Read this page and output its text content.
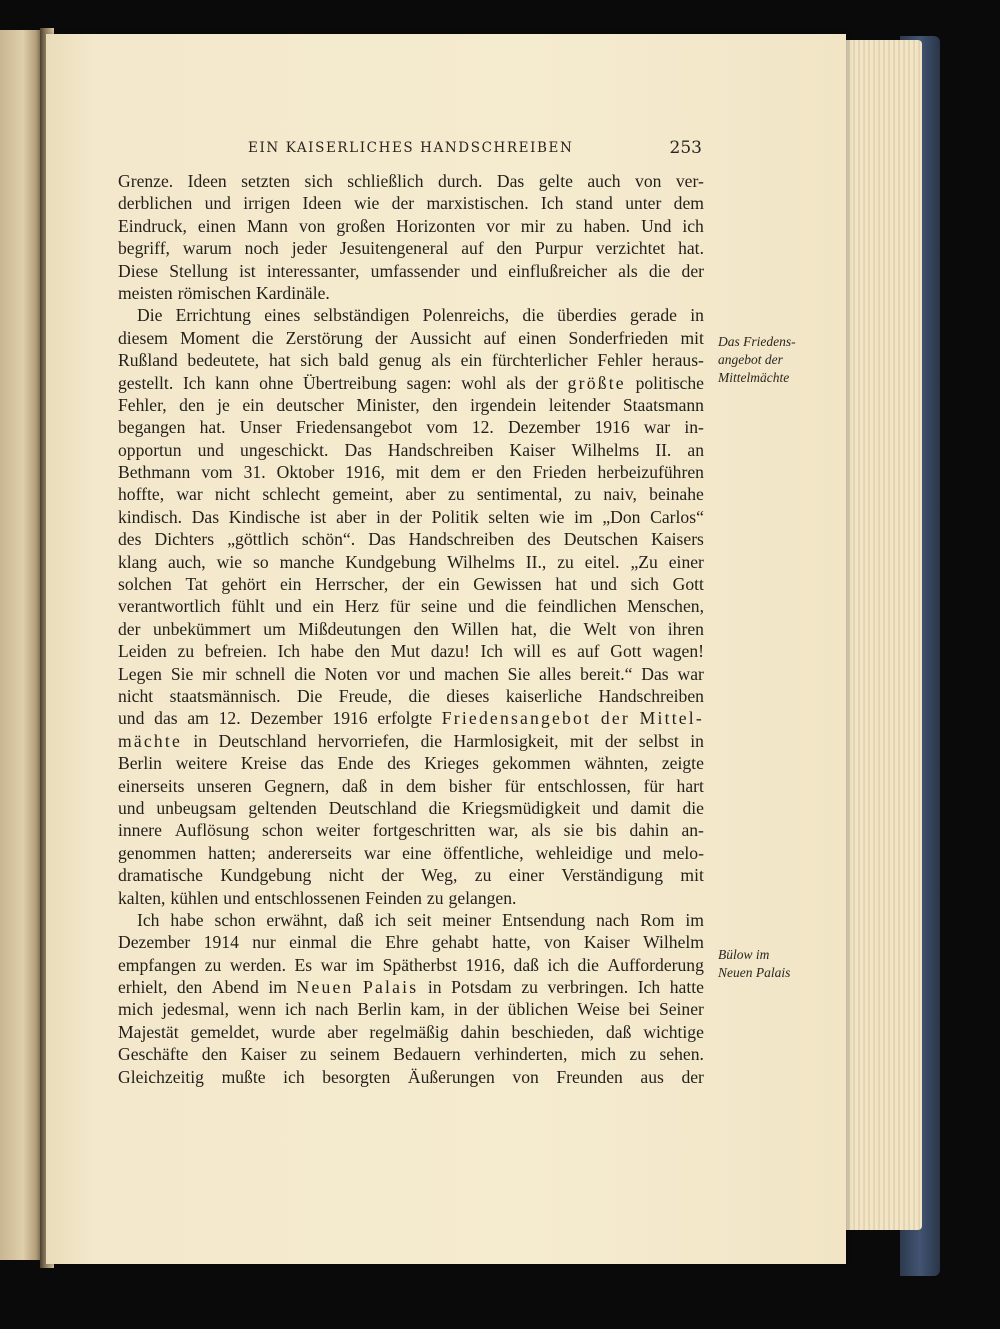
EIN KAISERLICHES HANDSCHREIBEN	253
Grenze. Ideen setzten sich schließlich durch. Das gelte auch von ver-
derblichen und irrigen Ideen wie der marxistischen. Ich stand unter dem
Eindruck, einen Mann von großen Horizonten vor mir zu haben. Und ich
begriff, warum noch jeder Jesuitengeneral auf den Purpur verzichtet hat.
Diese Stellung ist interessanter, umfassender und einflußreicher als die der
meisten römischen Kardinäle.
Die Errichtung eines selbständigen Polenreichs, die überdies gerade in
diesem Moment die Zerstörung der Aussicht auf einen Sonderfrieden mit
Rußland bedeutete, hat sich bald genug als ein fürchterlicher Fehler heraus-
gestellt. Ich kann ohne Übertreibung sagen: wohl als der größte politische
Fehler, den je ein deutscher Minister, den irgendein leitender Staatsmann
begangen hat. Unser Friedensangebot vom 12. Dezember 1916 war in-
opportun und ungeschickt. Das Handschreiben Kaiser Wilhelms II. an
Bethmann vom 31. Oktober 1916, mit dem er den Frieden herbeizuführen
hoffte, war nicht schlecht gemeint, aber zu sentimental, zu naiv, beinahe
kindisch. Das Kindische ist aber in der Politik selten wie im „Don Carlos“
des Dichters „göttlich schön“. Das Handschreiben des Deutschen Kaisers
klang auch, wie so manche Kundgebung Wilhelms II., zu eitel. „Zu einer
solchen Tat gehört ein Herrscher, der ein Gewissen hat und sich Gott
verantwortlich fühlt und ein Herz für seine und die feindlichen Menschen,
der unbekümmert um Mißdeutungen den Willen hat, die Welt von ihren
Leiden zu befreien. Ich habe den Mut dazu! Ich will es auf Gott wagen!
Legen Sie mir schnell die Noten vor und machen Sie alles bereit.“ Das war
nicht staatsmännisch. Die Freude, die dieses kaiserliche Handschreiben
und das am 12. Dezember 1916 erfolgte Friedensangebot der Mittel-
mächte in Deutschland hervorriefen, die Harmlosigkeit, mit der selbst in
Berlin weitere Kreise das Ende des Krieges gekommen wähnten, zeigte
einerseits unseren Gegnern, daß in dem bisher für entschlossen, für hart
und unbeugsam geltenden Deutschland die Kriegsmüdigkeit und damit die
innere Auflösung schon weiter fortgeschritten war, als sie bis dahin an-
genommen hatten; andererseits war eine öffentliche, wehleidige und melo-
dramatische Kundgebung nicht der Weg, zu einer Verständigung mit
kalten, kühlen und entschlossenen Feinden zu gelangen.
Ich habe schon erwähnt, daß ich seit meiner Entsendung nach Rom im
Dezember 1914 nur einmal die Ehre gehabt hatte, von Kaiser Wilhelm
empfangen zu werden. Es war im Spätherbst 1916, daß ich die Aufforderung
erhielt, den Abend im Neuen Palais in Potsdam zu verbringen. Ich hatte
mich jedesmal, wenn ich nach Berlin kam, in der üblichen Weise bei Seiner
Majestät gemeldet, wurde aber regelmäßig dahin beschieden, daß wichtige
Geschäfte den Kaiser zu seinem Bedauern verhinderten, mich zu sehen.
Gleichzeitig mußte ich besorgten Äußerungen von Freunden aus der
Das Friedens-
angebot der
Mittelmächte
Bülow im
Neuen Palais
